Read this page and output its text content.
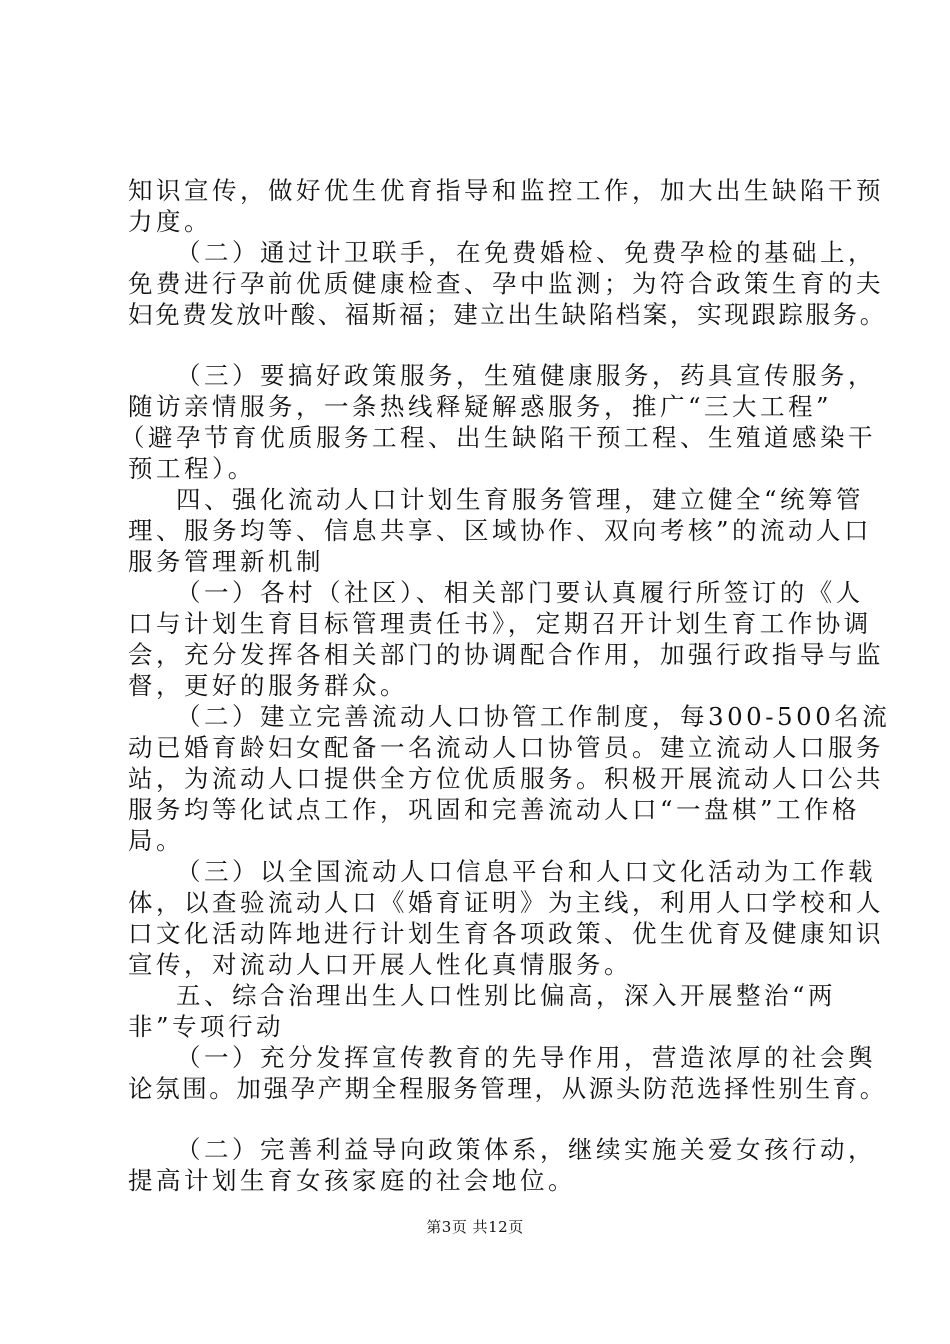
知识宣传，做好优生优育指导和监控工作，加大出生缺陷干预
力度。
（二）通过计卫联手，在免费婚检、免费孕检的基础上，
免费进行孕前优质健康检查、孕中监测；为符合政策生育的夫
妇免费发放叶酸、福斯福；建立出生缺陷档案，实现跟踪服务。
（三）要搞好政策服务，生殖健康服务，药具宣传服务，
随访亲情服务，一条热线释疑解惑服务，推广“三大工程”
（避孕节育优质服务工程、出生缺陷干预工程、生殖道感染干
预工程）。
四、强化流动人口计划生育服务管理，建立健全“统筹管
理、服务均等、信息共享、区域协作、双向考核”的流动人口
服务管理新机制
（一）各村（社区）、相关部门要认真履行所签订的《人
口与计划生育目标管理责任书》，定期召开计划生育工作协调
会，充分发挥各相关部门的协调配合作用，加强行政指导与监
督，更好的服务群众。
（二）建立完善流动人口协管工作制度，每300-500名流
动已婚育龄妇女配备一名流动人口协管员。建立流动人口服务
站，为流动人口提供全方位优质服务。积极开展流动人口公共
服务均等化试点工作，巩固和完善流动人口“一盘棋”工作格
局。
（三）以全国流动人口信息平台和人口文化活动为工作载
体，以查验流动人口《婚育证明》为主线，利用人口学校和人
口文化活动阵地进行计划生育各项政策、优生优育及健康知识
宣传，对流动人口开展人性化真情服务。
五、综合治理出生人口性别比偏高，深入开展整治“两
非”专项行动
（一）充分发挥宣传教育的先导作用，营造浓厚的社会舆
论氛围。加强孕产期全程服务管理，从源头防范选择性别生育。
（二）完善利益导向政策体系，继续实施关爱女孩行动，
提高计划生育女孩家庭的社会地位。
第3页 共12页
